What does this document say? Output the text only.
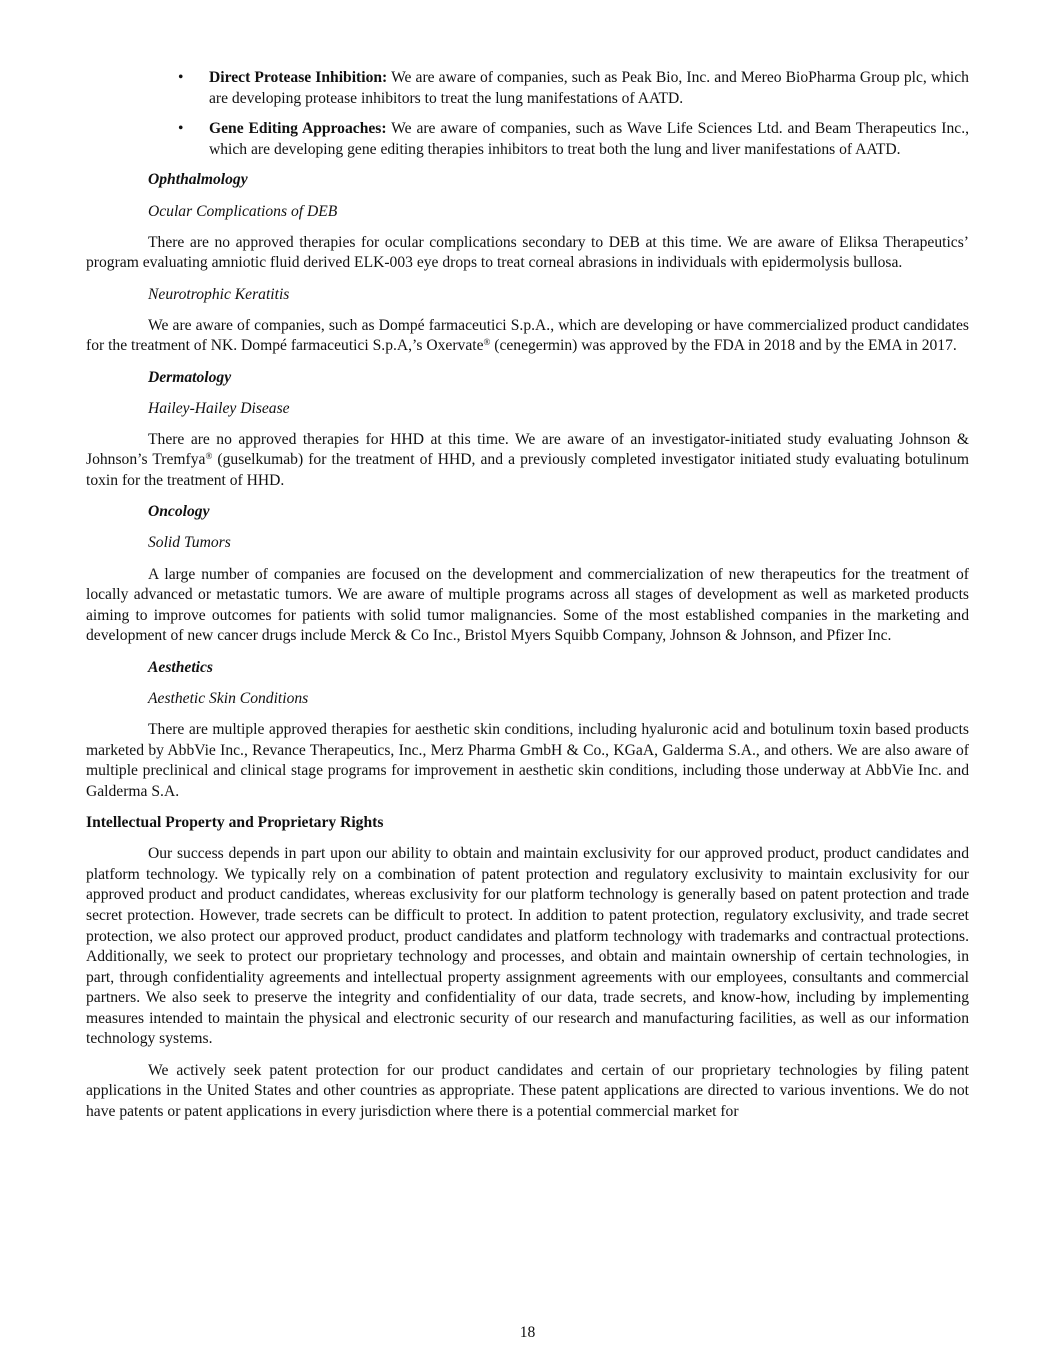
• Direct Protease Inhibition: We are aware of companies, such as Peak Bio, Inc. and Mereo BioPharma Group plc, which are developing protease inhibitors to treat the lung manifestations of AATD.
• Gene Editing Approaches: We are aware of companies, such as Wave Life Sciences Ltd. and Beam Therapeutics Inc., which are developing gene editing therapies inhibitors to treat both the lung and liver manifestations of AATD.
Ophthalmology
Ocular Complications of DEB

There are no approved therapies for ocular complications secondary to DEB at this time. We are aware of Eliksa Therapeutics’ program evaluating amniotic fluid derived ELK-003 eye drops to treat corneal abrasions in individuals with epidermolysis bullosa.

Neurotrophic Keratitis

We are aware of companies, such as Dompé farmaceutici S.p.A., which are developing or have commercialized product candidates for the treatment of NK. Dompé farmaceutici S.p.A,’s Oxervate® (cenegermin) was approved by the FDA in 2018 and by the EMA in 2017.

Dermatology
Hailey-Hailey Disease

There are no approved therapies for HHD at this time. We are aware of an investigator-initiated study evaluating Johnson & Johnson’s Tremfya® (guselkumab) for the treatment of HHD, and a previously completed investigator initiated study evaluating botulinum toxin for the treatment of HHD.

Oncology
Solid Tumors

A large number of companies are focused on the development and commercialization of new therapeutics for the treatment of locally advanced or metastatic tumors. We are aware of multiple programs across all stages of development as well as marketed products aiming to improve outcomes for patients with solid tumor malignancies. Some of the most established companies in the marketing and development of new cancer drugs include Merck & Co Inc., Bristol Myers Squibb Company, Johnson & Johnson, and Pfizer Inc.

Aesthetics
Aesthetic Skin Conditions

There are multiple approved therapies for aesthetic skin conditions, including hyaluronic acid and botulinum toxin based products marketed by AbbVie Inc., Revance Therapeutics, Inc., Merz Pharma GmbH & Co., KGaA, Galderma S.A., and others. We are also aware of multiple preclinical and clinical stage programs for improvement in aesthetic skin conditions, including those underway at AbbVie Inc. and Galderma S.A.

Intellectual Property and Proprietary Rights

Our success depends in part upon our ability to obtain and maintain exclusivity for our approved product, product candidates and platform technology. We typically rely on a combination of patent protection and regulatory exclusivity to maintain exclusivity for our approved product and product candidates, whereas exclusivity for our platform technology is generally based on patent protection and trade secret protection. However, trade secrets can be difficult to protect. In addition to patent protection, regulatory exclusivity, and trade secret protection, we also protect our approved product, product candidates and platform technology with trademarks and contractual protections. Additionally, we seek to protect our proprietary technology and processes, and obtain and maintain ownership of certain technologies, in part, through confidentiality agreements and intellectual property assignment agreements with our employees, consultants and commercial partners. We also seek to preserve the integrity and confidentiality of our data, trade secrets, and know-how, including by implementing measures intended to maintain the physical and electronic security of our research and manufacturing facilities, as well as our information technology systems.

We actively seek patent protection for our product candidates and certain of our proprietary technologies by filing patent applications in the United States and other countries as appropriate. These patent applications are directed to various inventions. We do not have patents or patent applications in every jurisdiction where there is a potential commercial market for

18
